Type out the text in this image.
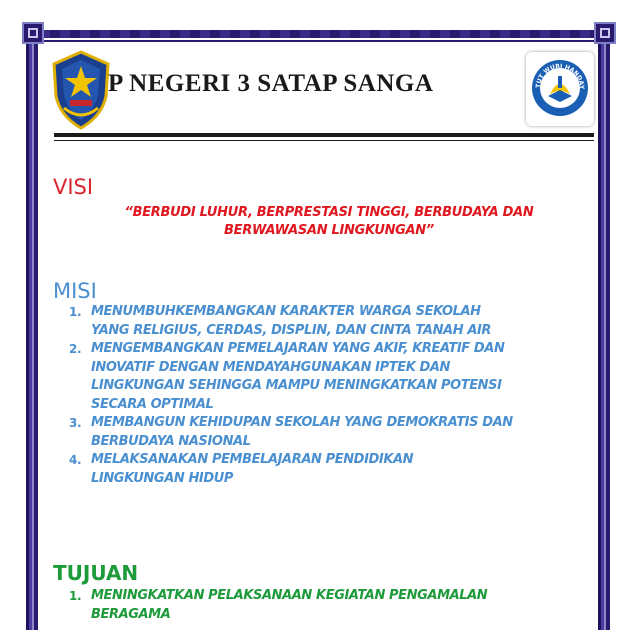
P NEGERI 3 SATAP SANGA	TUT WURI HANDAY
VISI
“BERBUDI LUHUR, BERPRESTASI TINGGI, BERBUDAYA DAN
BERWAWASAN LINGKUNGAN”
MISI
1. MENUMBUHKEMBANGKAN KARAKTER WARGA SEKOLAH
YANG RELIGIUS, CERDAS, DISPLIN, DAN CINTA TANAH AIR
2. MENGEMBANGKAN PEMELAJARAN YANG AKIF, KREATIF DAN
INOVATIF DENGAN MENDAYAHGUNAKAN IPTEK DAN
LINGKUNGAN SEHINGGA MAMPU MENINGKATKAN POTENSI
SECARA OPTIMAL
3. MEMBANGUN KEHIDUPAN SEKOLAH YANG DEMOKRATIS DAN
BERBUDAYA NASIONAL
4. MELAKSANAKAN PEMBELAJARAN PENDIDIKAN
LINGKUNGAN HIDUP
TUJUAN
1. MENINGKATKAN PELAKSANAAN KEGIATAN PENGAMALAN
BERAGAMA
